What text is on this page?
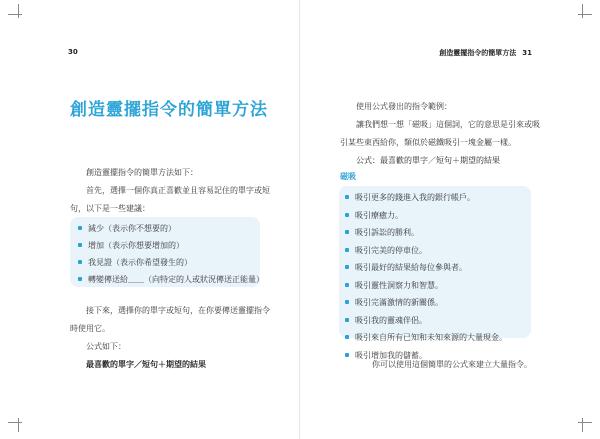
30
創造靈擺指令的簡單方法

創造靈擺指令的簡單方法如下：

首先，選擇一個你真正喜歡並且容易記住的單字或短

句，以下是一些建議：

減少（表示你不想要的）
增加（表示你想要增加的）
我見證（表示你希望發生的）
轉變傳送給＿＿（向特定的人或狀況傳送正能量）

接下來，選擇你的單字或短句，在你要傳送靈擺指令

時使用它。

公式如下：

最喜歡的單字／短句＋期望的結果

創造靈擺指令的簡單方法 31

使用公式發出的指令範例：

讓我們想一想「磁吸」這個詞，它的意思是引來或吸

引某些東西給你，類似於磁鐵吸引一塊金屬一樣。

公式：最喜歡的單字／短句＋期望的結果

磁吸
吸引更多的錢進入我的銀行帳戶。
吸引療癒力。
吸引訴訟的勝利。
吸引完美的停車位。
吸引最好的結果給每位參與者。
吸引靈性洞察力和智慧。
吸引完滿激情的新關係。
吸引我的靈魂伴侶。
吸引來自所有已知和未知來源的大量現金。
吸引增加我的儲蓄。

你可以使用這個簡單的公式來建立大量指令。
